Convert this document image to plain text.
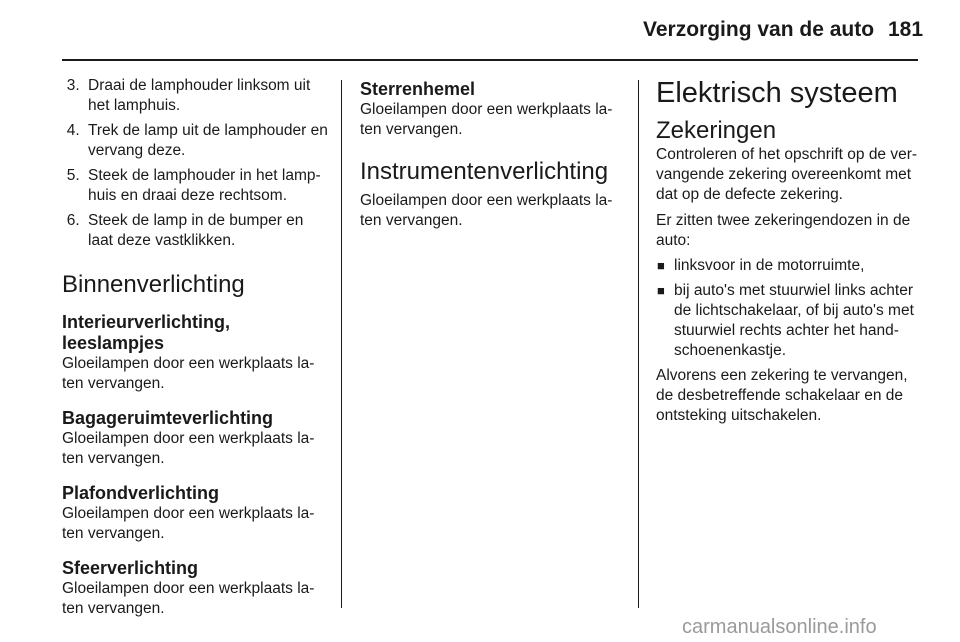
Verzorging van de auto 181
3. Draai de lamphouder linksom uit het lamphuis.
4. Trek de lamp uit de lamphouder en vervang deze.
5. Steek de lamphouder in het lamp-huis en draai deze rechtsom.
6. Steek de lamp in de bumper en laat deze vastklikken.
Binnenverlichting
Interieurverlichting, leeslampjes

Gloeilampen door een werkplaats la-ten vervangen.

Bagageruimteverlichting

Gloeilampen door een werkplaats la-ten vervangen.

Plafondverlichting

Gloeilampen door een werkplaats la-ten vervangen.

Sfeerverlichting

Gloeilampen door een werkplaats la-ten vervangen.

Sterrenhemel

Gloeilampen door een werkplaats la-ten vervangen.

Instrumentenverlichting

Gloeilampen door een werkplaats la-ten vervangen.

Elektrisch systeem
Zekeringen

Controleren of het opschrift op de ver-vangende zekering overeenkomt met dat op de defecte zekering.

Er zitten twee zekeringendozen in de auto:

■ linksvoor in de motorruimte,
■ bij auto's met stuurwiel links achter de lichtschakelaar, of bij auto's met stuurwiel rechts achter het hand-schoenenkastje.

Alvorens een zekering te vervangen, de desbetreffende schakelaar en de ontsteking uitschakelen.

carmanualsonline.info
